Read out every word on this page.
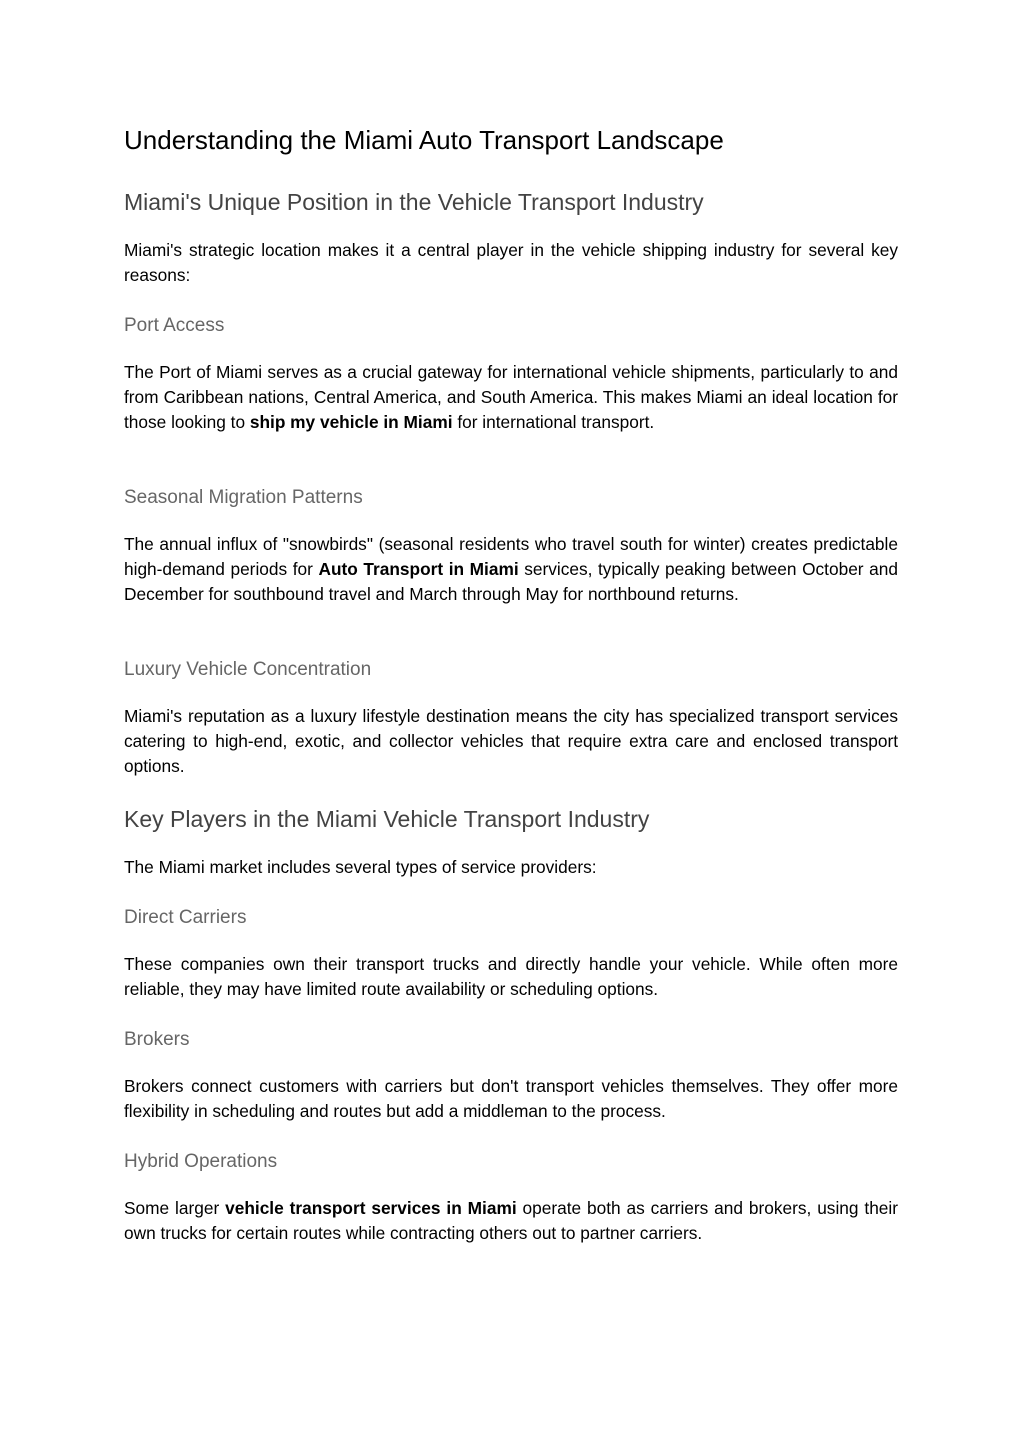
Understanding the Miami Auto Transport Landscape
Miami's Unique Position in the Vehicle Transport Industry
Miami's strategic location makes it a central player in the vehicle shipping industry for several key reasons:
Port Access
The Port of Miami serves as a crucial gateway for international vehicle shipments, particularly to and from Caribbean nations, Central America, and South America. This makes Miami an ideal location for those looking to ship my vehicle in Miami for international transport.
Seasonal Migration Patterns
The annual influx of "snowbirds" (seasonal residents who travel south for winter) creates predictable high-demand periods for Auto Transport in Miami services, typically peaking between October and December for southbound travel and March through May for northbound returns.
Luxury Vehicle Concentration
Miami's reputation as a luxury lifestyle destination means the city has specialized transport services catering to high-end, exotic, and collector vehicles that require extra care and enclosed transport options.
Key Players in the Miami Vehicle Transport Industry
The Miami market includes several types of service providers:
Direct Carriers
These companies own their transport trucks and directly handle your vehicle. While often more reliable, they may have limited route availability or scheduling options.
Brokers
Brokers connect customers with carriers but don't transport vehicles themselves. They offer more flexibility in scheduling and routes but add a middleman to the process.
Hybrid Operations
Some larger vehicle transport services in Miami operate both as carriers and brokers, using their own trucks for certain routes while contracting others out to partner carriers.
